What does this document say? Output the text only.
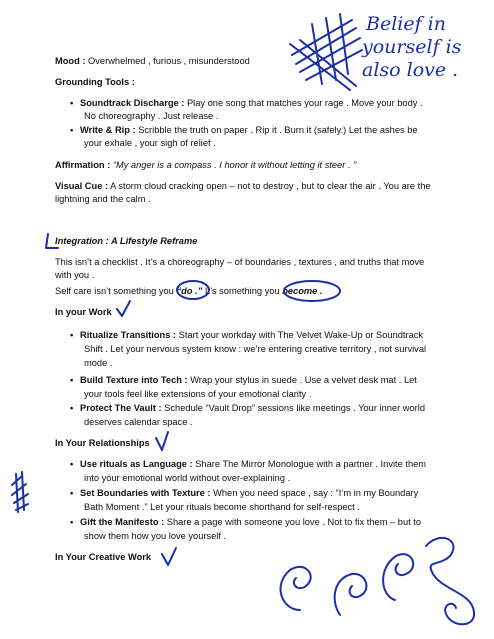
Mood : Overwhelmed , furious , misunderstood
Grounding Tools :
• Soundtrack Discharge : Play one song that matches your rage . Move your body .
No choreography . Just release .
• Write & Rip : Scribble the truth on paper . Rip it . Burn it (safely.) Let the ashes be
your exhale , your sigh of relief .
Affirmation : “My anger is a compass . I honor it without letting it steer . ”
Visual Cue : A storm cloud cracking open – not to destroy , but to clear the air . You are the
lightning and the calm .
Integration : A Lifestyle Reframe
This isn’t a checklist . It’s a choreography – of boundaries , textures , and truths that move
with you .
Self care isn’t something you “do .” It’s something you become .
In your Work
• Ritualize Transitions : Start your workday with The Velvet Wake-Up or Soundtrack
Shift . Let your nervous system know : we’re entering creative territory , not survival
mode .
• Build Texture into Tech : Wrap your stylus in suede . Use a velvet desk mat . Let
your tools feel like extensions of your emotional clarity .
• Protect The Vault : Schedule “Vault Drop” sessions like meetings . Your inner world
deserves calendar space .
In Your Relationships
• Use rituals as Language : Share The Mirror Monologue with a partner . Invite them
into your emotional world without over-explaining .
• Set Boundaries with Texture : When you need space , say : “I’m in my Boundary
Bath Moment .” Let your rituals become shorthand for self-respect .
• Gift the Manifesto : Share a page with someone you love . Not to fix them – but to
show them how you love yourself .
In Your Creative Work
Belief in
yourself is
also love .
